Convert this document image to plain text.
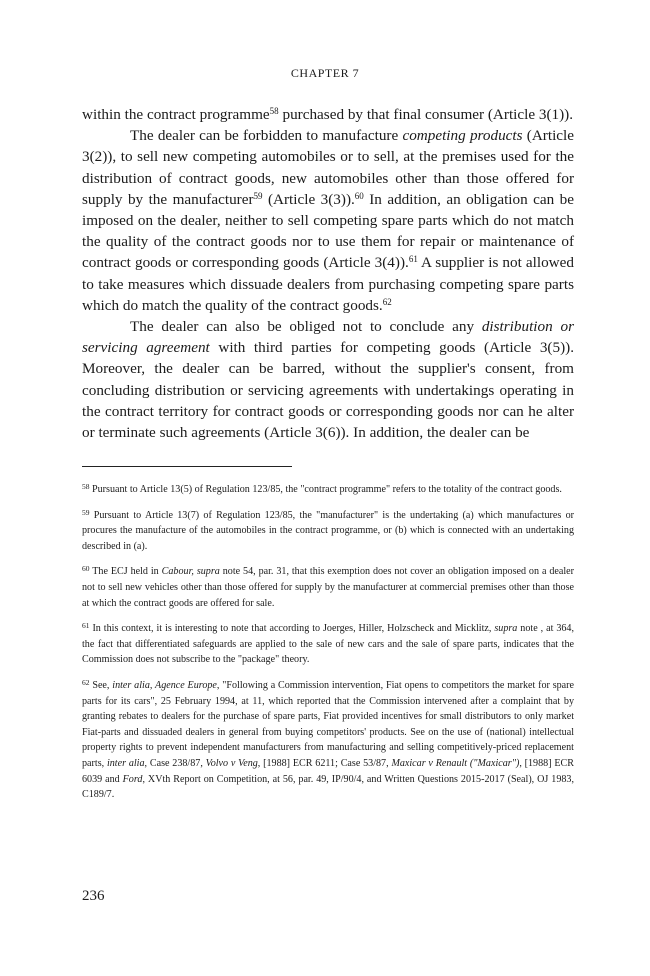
CHAPTER 7

within the contract programme$^{58}$ purchased by that final consumer (Article 3(1)).

The dealer can be forbidden to manufacture competing products (Article 3(2)), to sell new competing automobiles or to sell, at the premises used for the distribution of contract goods, new automobiles other than those offered for supply by the manufacturer$^{59}$ (Article 3(3)).$^{60}$ In addition, an obligation can be imposed on the dealer, neither to sell competing spare parts which do not match the quality of the contract goods nor to use them for repair or maintenance of contract goods or corresponding goods (Article 3(4)).$^{61}$ A supplier is not allowed to take measures which dissuade dealers from purchasing competing spare parts which do match the quality of the contract goods.$^{62}$

The dealer can also be obliged not to conclude any distribution or servicing agreement with third parties for competing goods (Article 3(5)). Moreover, the dealer can be barred, without the supplier's consent, from concluding distribution or servicing agreements with undertakings operating in the contract territory for contract goods or corresponding goods nor can he alter or terminate such agreements (Article 3(6)). In addition, the dealer can be

$^{58}$ Pursuant to Article 13(5) of Regulation 123/85, the "contract programme" refers to the totality of the contract goods.

$^{59}$ Pursuant to Article 13(7) of Regulation 123/85, the "manufacturer" is the undertaking (a) which manufactures or procures the manufacture of the automobiles in the contract programme, or (b) which is connected with an undertaking described in (a).

$^{60}$ The ECJ held in Cabour, supra note 54, par. 31, that this exemption does not cover an obligation imposed on a dealer not to sell new vehicles other than those offered for supply by the manufacturer at commercial premises other than those at which the contract goods are offered for sale.

$^{61}$ In this context, it is interesting to note that according to Joerges, Hiller, Holzscheck and Micklitz, supra note , at 364, the fact that differentiated safeguards are applied to the sale of new cars and the sale of spare parts, indicates that the Commission does not subscribe to the "package" theory.

$^{62}$ See, inter alia, Agence Europe, "Following a Commission intervention, Fiat opens to competitors the market for spare parts for its cars", 25 February 1994, at 11, which reported that the Commission intervened after a complaint that by granting rebates to dealers for the purchase of spare parts, Fiat provided incentives for small distributors to only market Fiat-parts and dissuaded dealers in general from buying competitors' products. See on the use of (national) intellectual property rights to prevent independent manufacturers from manufacturing and selling competitively-priced replacement parts, inter alia, Case 238/87, Volvo v Veng, [1988] ECR 6211; Case 53/87, Maxicar v Renault ("Maxicar"), [1988] ECR 6039 and Ford, XVth Report on Competition, at 56, par. 49, IP/90/4, and Written Questions 2015-2017 (Seal), OJ 1983, C189/7.

236
